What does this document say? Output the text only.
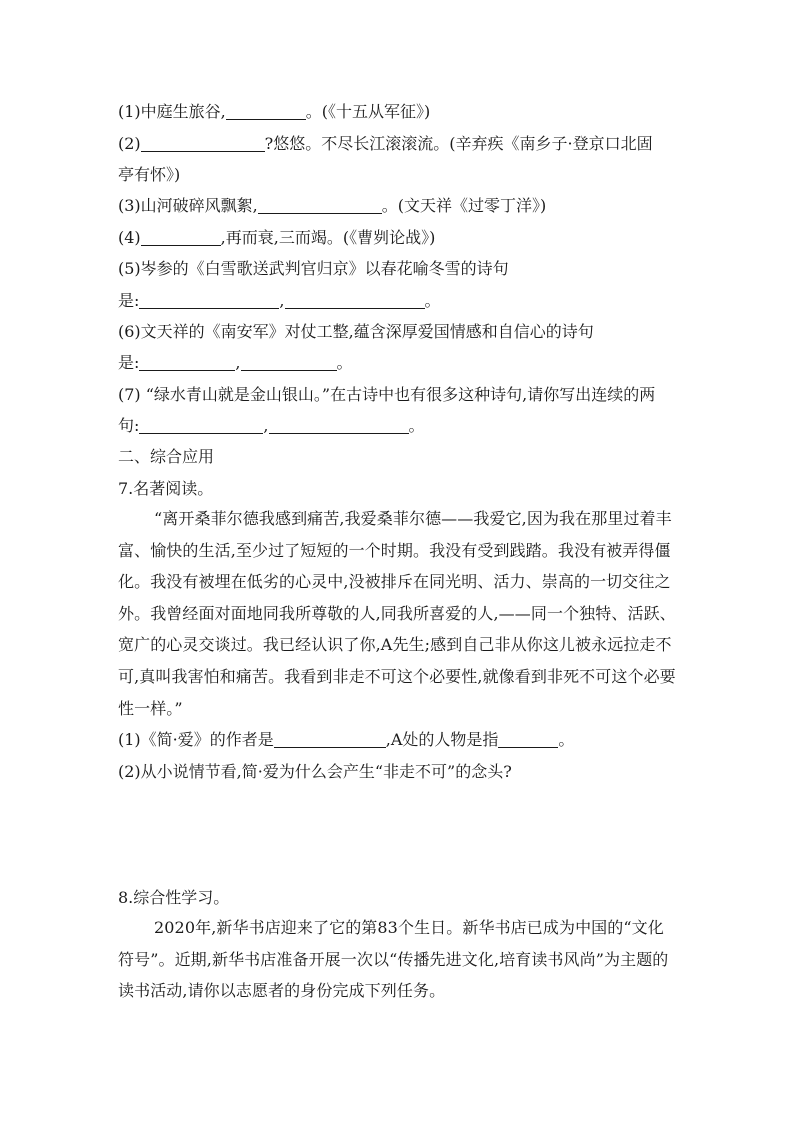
(1)中庭生旅谷,	。(《十五从军征》)
(2)	?悠悠。不尽长江滚滚流。(辛弃疾《南乡子·登京口北固
亭有怀》)
(3)山河破碎风飘絮,	。(文天祥《过零丁洋》)
(4)	,再而衰,三而竭。(《曹刿论战》)
(5)岑参的《白雪歌送武判官归京》以春花喻冬雪的诗句
是:	,	。
(6)文天祥的《南安军》对仗工整,蕴含深厚爱国情感和自信心的诗句
是:	,	。
(7) “绿水青山就是金山银山。”在古诗中也有很多这种诗句,请你写出连续的两
句:	,	。
二、综合应用
7.名著阅读。
“离开桑菲尔德我感到痛苦,我爱桑菲尔德——我爱它,因为我在那里过着丰富、愉快的生活,至少过了短短的一个时期。我没有受到践踏。我没有被弄得僵化。我没有被埋在低劣的心灵中,没被排斥在同光明、活力、崇高的一切交往之外。我曾经面对面地同我所尊敬的人,同我所喜爱的人,——同一个独特、活跃、宽广的心灵交谈过。我已经认识了你,A先生;感到自己非从你这儿被永远拉走不可,真叫我害怕和痛苦。我看到非走不可这个必要性,就像看到非死不可这个必要性一样。”
(1)《简·爱》的作者是	,A处的人物是指	。
(2)从小说情节看,简·爱为什么会产生“非走不可”的念头?
8.综合性学习。
2020年,新华书店迎来了它的第83个生日。新华书店已成为中国的“文化符号”。近期,新华书店准备开展一次以“传播先进文化,培育读书风尚”为主题的读书活动,请你以志愿者的身份完成下列任务。
